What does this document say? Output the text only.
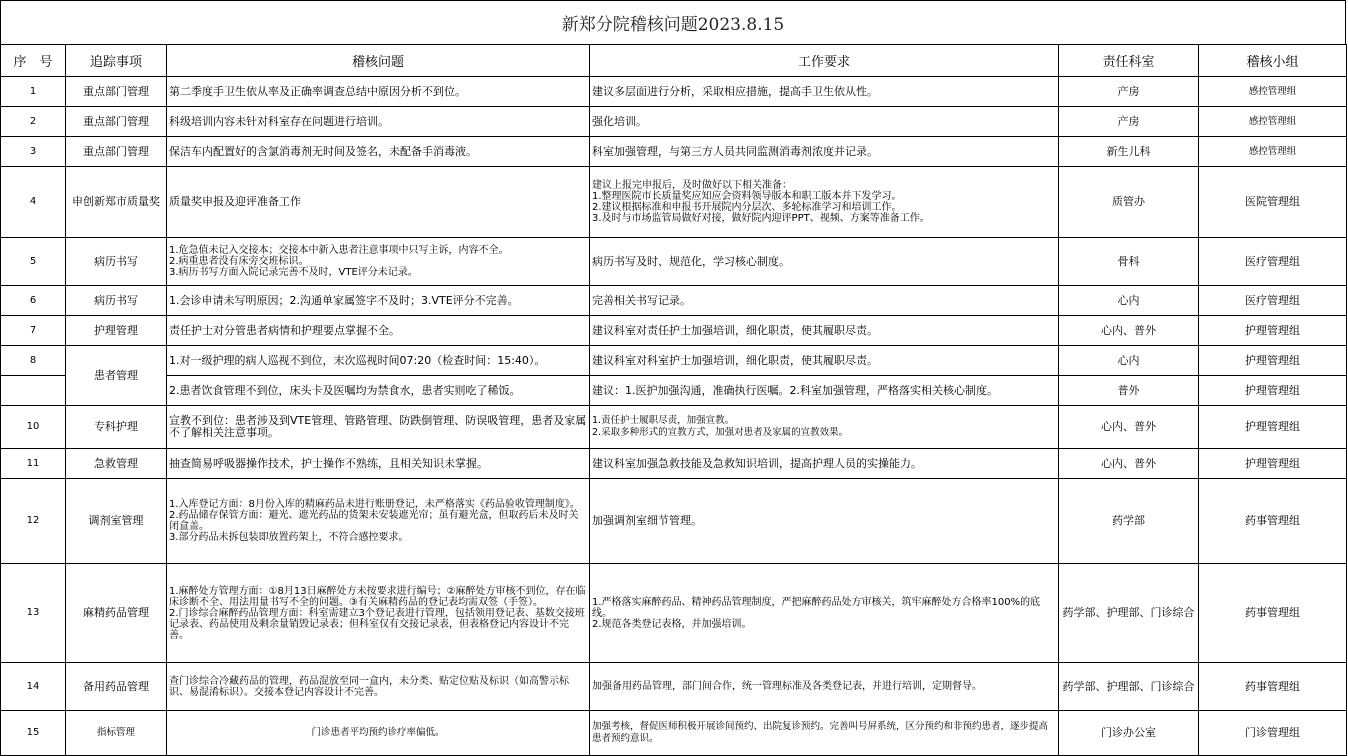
新郑分院稽核问题2023.8.15
序　号	追踪事项	稽核问题	工作要求	责任科室	稽核小组
1	重点部门管理	第二季度手卫生依从率及正确率调查总结中原因分析不到位。	建议多层面进行分析，采取相应措施，提高手卫生依从性。	产房	感控管理组
2	重点部门管理	科级培训内容未针对科室存在问题进行培训。	强化培训。	产房	感控管理组
3	重点部门管理	保洁车内配置好的含氯消毒剂无时间及签名，未配备手消毒液。	科室加强管理，与第三方人员共同监测消毒剂浓度并记录。	新生儿科	感控管理组
4	申创新郑市质量奖	质量奖申报及迎评准备工作	建议上报完申报后，及时做好以下相关准备：
1.整理医院市长质量奖应知应会资料领导版本和职工版本并下发学习。
2.建议根据标准和申报书开展院内分层次、多轮标准学习和培训工作。
3.及时与市场监管局做好对接，做好院内迎评PPT、视频、方案等准备工作。	质管办	医院管理组
5	病历书写	1.危急值未记入交接本；交接本中新入患者注意事项中只写主诉，内容不全。
2.病重患者没有床旁交班标识。
3.病历书写方面入院记录完善不及时，VTE评分未记录。	病历书写及时、规范化，学习核心制度。	骨科	医疗管理组
6	病历书写	1.会诊申请未写明原因；2.沟通单家属签字不及时；3.VTE评分不完善。	完善相关书写记录。	心内	医疗管理组
7	护理管理	责任护士对分管患者病情和护理要点掌握不全。	建议科室对责任护士加强培训，细化职责，使其履职尽责。	心内、普外	护理管理组
8	患者管理	1.对一级护理的病人巡视不到位，末次巡视时间07:20（检查时间：15:40）。	建议科室对科室护士加强培训，细化职责，使其履职尽责。	心内	护理管理组
		2.患者饮食管理不到位，床头卡及医嘱均为禁食水，患者实则吃了稀饭。	建议：1.医护加强沟通，准确执行医嘱。2.科室加强管理，严格落实相关核心制度。	普外	护理管理组
10	专科护理	宣教不到位：患者涉及到VTE管理、管路管理、防跌倒管理、防误吸管理，患者及家属不了解相关注意事项。	1.责任护士履职尽责，加强宣教。
2.采取多种形式的宣教方式，加强对患者及家属的宣教效果。	心内、普外	护理管理组
11	急救管理	抽查简易呼吸器操作技术，护士操作不熟练，且相关知识未掌握。	建议科室加强急救技能及急救知识培训，提高护理人员的实操能力。	心内、普外	护理管理组
12	调剂室管理	1.入库登记方面：8月份入库的精麻药品未进行账册登记，未严格落实《药品验收管理制度》。
2.药品储存保管方面：避光、遮光药品的货架未安装遮光帘；虽有避光盒，但取药后未及时关闭盒盖。
3.部分药品未拆包装即放置药架上，不符合感控要求。	加强调剂室细节管理。	药学部	药事管理组
13	麻精药品管理	1.麻醉处方管理方面：①8月13日麻醉处方未按要求进行编号；②麻醉处方审核不到位，存在临床诊断不全、用法用量书写不全的问题。③有关麻精药品的登记表均需双签（手签）。
2.门诊综合麻醉药品管理方面：科室需建立3个登记表进行管理，包括领用登记表、基数交接班记录表、药品使用及剩余量销毁记录表；但科室仅有交接记录表，但表格登记内容设计不完善。	1.严格落实麻醉药品、精神药品管理制度，严把麻醉药品处方审核关，筑牢麻醉处方合格率100%的底线。
2.规范各类登记表格，并加强培训。	药学部、护理部、门诊综合	药事管理组
14	备用药品管理	查门诊综合冷藏药品的管理，药品混放至同一盒内，未分类、贴定位贴及标识（如高警示标识、易混淆标识）。交接本登记内容设计不完善。	加强备用药品管理，部门间合作，统一管理标准及各类登记表，并进行培训，定期督导。	药学部、护理部、门诊综合	药事管理组
15	指标管理	门诊患者平均预约诊疗率偏低。	加强考核，督促医师积极开展诊间预约、出院复诊预约。完善叫号屏系统，区分预约和非预约患者，逐步提高患者预约意识。	门诊办公室	门诊管理组
